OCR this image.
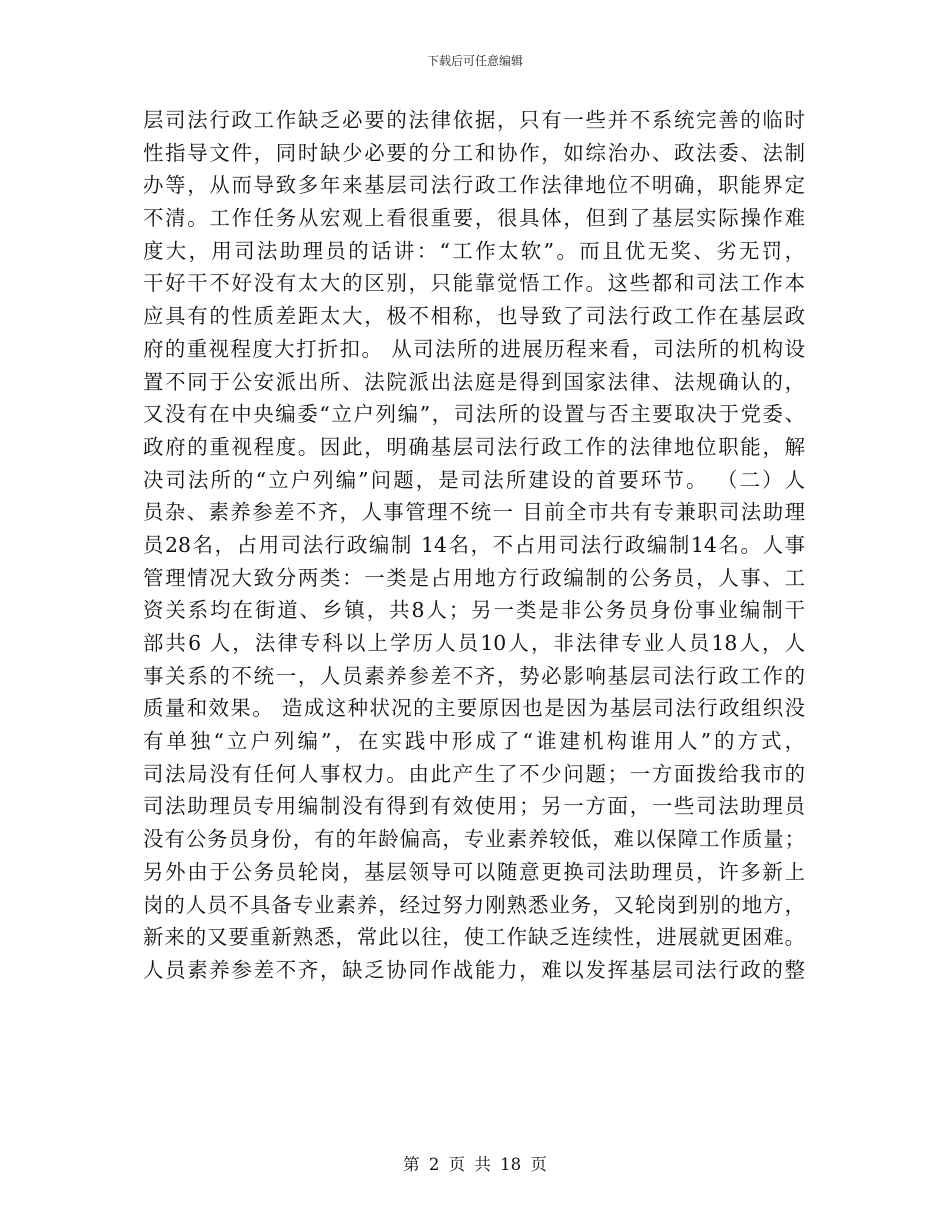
下载后可任意编辑
层司法行政工作缺乏必要的法律依据，只有一些并不系统完善的临时
性指导文件，同时缺少必要的分工和协作，如综治办、政法委、法制
办等，从而导致多年来基层司法行政工作法律地位不明确，职能界定
不清。工作任务从宏观上看很重要，很具体，但到了基层实际操作难
度大，用司法助理员的话讲：“工作太软”。而且优无奖、劣无罚，
干好干不好没有太大的区别，只能靠觉悟工作。这些都和司法工作本
应具有的性质差距太大，极不相称，也导致了司法行政工作在基层政
府的重视程度大打折扣。 从司法所的进展历程来看，司法所的机构设
置不同于公安派出所、法院派出法庭是得到国家法律、法规确认的，
又没有在中央编委“立户列编”，司法所的设置与否主要取决于党委、
政府的重视程度。因此，明确基层司法行政工作的法律地位职能，解
决司法所的“立户列编”问题，是司法所建设的首要环节。 （二）人
员杂、素养参差不齐，人事管理不统一 目前全市共有专兼职司法助理
员28名，占用司法行政编制 14名，不占用司法行政编制14名。人事
管理情况大致分两类：一类是占用地方行政编制的公务员，人事、工
资关系均在街道、乡镇，共8人；另一类是非公务员身份事业编制干
部共6 人，法律专科以上学历人员10人，非法律专业人员18人，人
事关系的不统一，人员素养参差不齐，势必影响基层司法行政工作的
质量和效果。 造成这种状况的主要原因也是因为基层司法行政组织没
有单独“立户列编”，在实践中形成了“谁建机构谁用人”的方式，
司法局没有任何人事权力。由此产生了不少问题；一方面拨给我市的
司法助理员专用编制没有得到有效使用；另一方面，一些司法助理员
没有公务员身份，有的年龄偏高，专业素养较低，难以保障工作质量；
另外由于公务员轮岗，基层领导可以随意更换司法助理员，许多新上
岗的人员不具备专业素养，经过努力刚熟悉业务，又轮岗到别的地方，
新来的又要重新熟悉，常此以往，使工作缺乏连续性，进展就更困难。
人员素养参差不齐，缺乏协同作战能力，难以发挥基层司法行政的整
第 2 页 共 18 页
